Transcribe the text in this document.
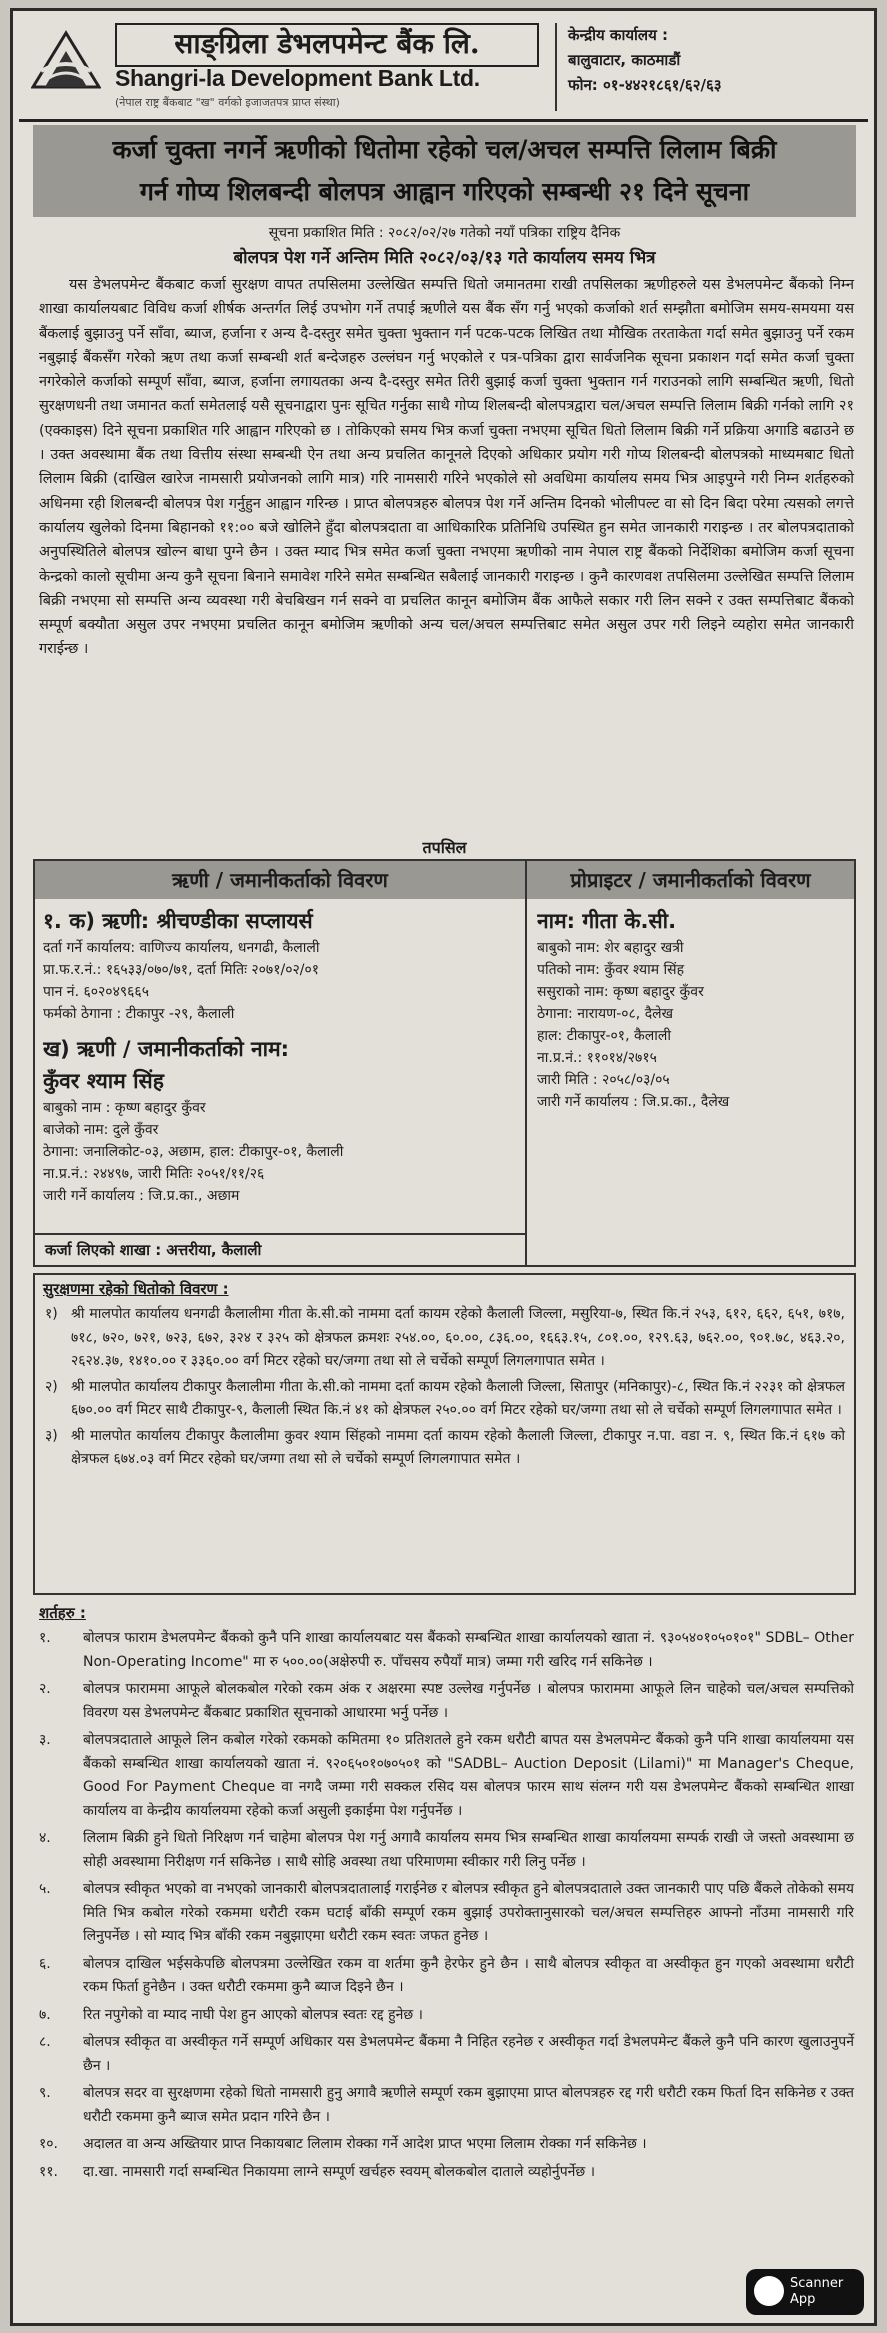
साङ्ग्रिला डेभलपमेन्ट बैंक लि.
Shangri-la Development Bank Ltd.
(नेपाल राष्ट्र बैंकबाट "ख" वर्गको इजाजतपत्र प्राप्त संस्था)
केन्द्रीय कार्यालय :
बालुवाटार, काठमाडौं
फोन: ०१-४४२१८६१/६२/६३
कर्जा चुक्ता नगर्ने ऋणीको धितोमा रहेको चल/अचल सम्पत्ति लिलाम बिक्री
गर्न गोप्य शिलबन्दी बोलपत्र आह्वान गरिएको सम्बन्धी २१ दिने सूचना
सूचना प्रकाशित मिति : २०८२/०२/२७ गतेको नयाँ पत्रिका राष्ट्रिय दैनिक
बोलपत्र पेश गर्ने अन्तिम मिति २०८२/०३/१३ गते कार्यालय समय भित्र
यस डेभलपमेन्ट बैंकबाट कर्जा सुरक्षण वापत तपसिलमा उल्लेखित सम्पत्ति धितो जमानतमा राखी तपसिलका ऋणीहरुले यस डेभलपमेन्ट बैंकको निम्न शाखा कार्यालयबाट विविध कर्जा शीर्षक अन्तर्गत लिई उपभोग गर्ने तपाई ऋणीले यस बैंक सँग गर्नु भएको कर्जाको शर्त सम्झौता बमोजिम समय-समयमा यस बैंकलाई बुझाउनु पर्ने साँवा, ब्याज, हर्जाना र अन्य दै-दस्तुर समेत चुक्ता भुक्तान गर्न पटक-पटक लिखित तथा मौखिक तरताकेता गर्दा समेत बुझाउनु पर्ने रकम नबुझाई बैंकसँग गरेको ऋण तथा कर्जा सम्बन्धी शर्त बन्देजहरु उल्लंघन गर्नु भएकोले र पत्र-पत्रिका द्वारा सार्वजनिक सूचना प्रकाशन गर्दा समेत कर्जा चुक्ता नगरेकोले कर्जाको सम्पूर्ण साँवा, ब्याज, हर्जाना लगायतका अन्य दै-दस्तुर समेत तिरी बुझाई कर्जा चुक्ता भुक्तान गर्न गराउनको लागि सम्बन्धित ऋणी, धितो सुरक्षणधनी तथा जमानत कर्ता समेतलाई यसै सूचनाद्वारा पुनः सूचित गर्नुका साथै गोप्य शिलबन्दी बोलपत्रद्वारा चल/अचल सम्पत्ति लिलाम बिक्री गर्नको लागि २१ (एक्काइस) दिने सूचना प्रकाशित गरि आह्वान गरिएको छ । तोकिएको समय भित्र कर्जा चुक्ता नभएमा सूचित धितो लिलाम बिक्री गर्ने प्रक्रिया अगाडि बढाउने छ । उक्त अवस्थामा बैंक तथा वित्तीय संस्था सम्बन्धी ऐन तथा अन्य प्रचलित कानूनले दिएको अधिकार प्रयोग गरी गोप्य शिलबन्दी बोलपत्रको माध्यमबाट धितो लिलाम बिक्री (दाखिल खारेज नामसारी प्रयोजनको लागि मात्र) गरि नामसारी गरिने भएकोले सो अवधिमा कार्यालय समय भित्र आइपुग्ने गरी निम्न शर्तहरुको अधिनमा रही शिलबन्दी बोलपत्र पेश गर्नुहुन आह्वान गरिन्छ । प्राप्त बोलपत्रहरु बोलपत्र पेश गर्ने अन्तिम दिनको भोलीपल्ट वा सो दिन बिदा परेमा त्यसको लगत्ते कार्यालय खुलेको दिनमा बिहानको ११:०० बजे खोलिने हुँदा बोलपत्रदाता वा आधिकारिक प्रतिनिधि उपस्थित हुन समेत जानकारी गराइन्छ । तर बोलपत्रदाताको अनुपस्थितिले बोलपत्र खोल्न बाधा पुग्ने छैन । उक्त म्याद भित्र समेत कर्जा चुक्ता नभएमा ऋणीको नाम नेपाल राष्ट्र बैंकको निर्देशिका बमोजिम कर्जा सूचना केन्द्रको कालो सूचीमा अन्य कुनै सूचना बिनाने समावेश गरिने समेत सम्बन्धित सबैलाई जानकारी गराइन्छ । कुनै कारणवश तपसिलमा उल्लेखित सम्पत्ति लिलाम बिक्री नभएमा सो सम्पत्ति अन्य व्यवस्था गरी बेचबिखन गर्न सक्ने वा प्रचलित कानून बमोजिम बैंक आफैले सकार गरी लिन सक्ने र उक्त सम्पत्तिबाट बैंकको सम्पूर्ण बक्यौता असुल उपर नभएमा प्रचलित कानून बमोजिम ऋणीको अन्य चल/अचल सम्पत्तिबाट समेत असुल उपर गरी लिइने व्यहोरा समेत जानकारी गराईन्छ ।
तपसिल
ऋणी / जमानीकर्ताको विवरण	प्रोप्राइटर / जमानीकर्ताको विवरण
१. क) ऋणी: श्रीचण्डीका सप्लायर्स
दर्ता गर्ने कार्यालय: वाणिज्य कार्यालय, धनगढी, कैलाली
प्रा.फ.र.नं.: १६५३३/०७०/७१, दर्ता मितिः २०७१/०२/०१
पान नं. ६०२०४९६६५
फर्मको ठेगाना : टीकापुर -२९, कैलाली
ख) ऋणी / जमानीकर्ताको नाम:
कुँवर श्याम सिंह
बाबुको नाम : कृष्ण बहादुर कुँवर
बाजेको नाम: दुले कुँवर
ठेगाना: जनालिकोट-०३, अछाम, हाल: टीकापुर-०१, कैलाली
ना.प्र.नं.: २४४९७, जारी मितिः २०५१/११/२६
जारी गर्ने कार्यालय : जि.प्र.का., अछाम
कर्जा लिएको शाखा : अत्तरीया, कैलाली
नाम: गीता के.सी.
बाबुको नाम: शेर बहादुर खत्री
पतिको नाम: कुँवर श्याम सिंह
ससुराको नाम: कृष्ण बहादुर कुँवर
ठेगाना: नारायण-०८, दैलेख
हाल: टीकापुर-०१, कैलाली
ना.प्र.नं.: ११०१४/२७१५
जारी मिति : २०५८/०३/०५
जारी गर्ने कार्यालय : जि.प्र.का., दैलेख
सुरक्षणमा रहेको धितोको विवरण :
१) श्री मालपोत कार्यालय धनगढी कैलालीमा गीता के.सी.को नाममा दर्ता कायम रहेको कैलाली जिल्ला, मसुरिया-७, स्थित कि.नं २५३, ६१२, ६६२, ६५१, ७१७, ७१८, ७२०, ७२१, ७२३, ६७२, ३२४ र ३२५ को क्षेत्रफल क्रमशः २५४.००, ६०.००, ८३६.००, १६६३.१५, ८०१.००, १२९.६३, ७६२.००, ९०१.७८, ४६३.२०, २६२४.३७, १४१०.०० र ३३६०.०० वर्ग मिटर रहेको घर/जग्गा तथा सो ले चर्चेको सम्पूर्ण लिगलगापात समेत ।
२) श्री मालपोत कार्यालय टीकापुर कैलालीमा गीता के.सी.को नाममा दर्ता कायम रहेको कैलाली जिल्ला, सितापुर (मनिकापुर)-८, स्थित कि.नं २२३१ को क्षेत्रफल ६७०.०० वर्ग मिटर साथै टीकापुर-९, कैलाली स्थित कि.नं ४१ को क्षेत्रफल २५०.०० वर्ग मिटर रहेको घर/जग्गा तथा सो ले चर्चेको सम्पूर्ण लिगलगापात समेत ।
३) श्री मालपोत कार्यालय टीकापुर कैलालीमा कुवर श्याम सिंहको नाममा दर्ता कायम रहेको कैलाली जिल्ला, टीकापुर न.पा. वडा न. ९, स्थित कि.नं ६१७ को क्षेत्रफल ६७४.०३ वर्ग मिटर रहेको घर/जग्गा तथा सो ले चर्चेको सम्पूर्ण लिगलगापात समेत ।
शर्तहरु :
१.	बोलपत्र फाराम डेभलपमेन्ट बैंकको कुनै पनि शाखा कार्यालयबाट यस बैंकको सम्बन्धित शाखा कार्यालयको खाता नं. ९३०५४०१०५०१०१" SDBL– Other Non-Operating Income" मा रु ५००.००(अक्षेरुपी रु. पाँचसय रुपैयाँ मात्र) जम्मा गरी खरिद गर्न सकिनेछ ।
२.	बोलपत्र फाराममा आफूले बोलकबोल गरेको रकम अंक र अक्षरमा स्पष्ट उल्लेख गर्नुपर्नेछ । बोलपत्र फाराममा आफूले लिन चाहेको चल/अचल सम्पत्तिको विवरण यस डेभलपमेन्ट बैंकबाट प्रकाशित सूचनाको आधारमा भर्नु पर्नेछ ।
३.	बोलपत्रदाताले आफूले लिन कबोल गरेको रकमको कमितमा १० प्रतिशतले हुने रकम धरौटी बापत यस डेभलपमेन्ट बैंकको कुनै पनि शाखा कार्यालयमा यस बैंकको सम्बन्धित शाखा कार्यालयको खाता नं. ९२०६५०१०७०५०१ को "SADBL– Auction Deposit (Lilami)" मा Manager's Cheque, Good For Payment Cheque वा नगदै जम्मा गरी सक्कल रसिद यस बोलपत्र फारम साथ संलग्न गरी यस डेभलपमेन्ट बैंकको सम्बन्धित शाखा कार्यालय वा केन्द्रीय कार्यालयमा रहेको कर्जा असुली इकाईमा पेश गर्नुपर्नेछ ।
४.	लिलाम बिक्री हुने धितो निरिक्षण गर्न चाहेमा बोलपत्र पेश गर्नु अगावै कार्यालय समय भित्र सम्बन्धित शाखा कार्यालयमा सम्पर्क राखी जे जस्तो अवस्थामा छ सोही अवस्थामा निरीक्षण गर्न सकिनेछ । साथै सोहि अवस्था तथा परिमाणमा स्वीकार गरी लिनु पर्नेछ ।
५.	बोलपत्र स्वीकृत भएको वा नभएको जानकारी बोलपत्रदातालाई गराईनेछ र बोलपत्र स्वीकृत हुने बोलपत्रदाताले उक्त जानकारी पाए पछि बैंकले तोकेको समय मिति भित्र कबोल गरेको रकममा धरौटी रकम घटाई बाँकी सम्पूर्ण रकम बुझाई उपरोक्तानुसारको चल/अचल सम्पत्तिहरु आफ्नो नाँउमा नामसारी गरि लिनुपर्नेछ । सो म्याद भित्र बाँकी रकम नबुझाएमा धरौटी रकम स्वतः जफत हुनेछ ।
६.	बोलपत्र दाखिल भईसकेपछि बोलपत्रमा उल्लेखित रकम वा शर्तमा कुनै हेरफेर हुने छैन । साथै बोलपत्र स्वीकृत वा अस्वीकृत हुन गएको अवस्थामा धरौटी रकम फिर्ता हुनेछैन । उक्त धरौटी रकममा कुनै ब्याज दिइने छैन ।
७.	रित नपुगेको वा म्याद नाघी पेश हुन आएको बोलपत्र स्वतः रद्द हुनेछ ।
८.	बोलपत्र स्वीकृत वा अस्वीकृत गर्ने सम्पूर्ण अधिकार यस डेभलपमेन्ट बैंकमा नै निहित रहनेछ र अस्वीकृत गर्दा डेभलपमेन्ट बैंकले कुनै पनि कारण खुलाउनुपर्ने छैन ।
९.	बोलपत्र सदर वा सुरक्षणमा रहेको धितो नामसारी हुनु अगावै ऋणीले सम्पूर्ण रकम बुझाएमा प्राप्त बोलपत्रहरु रद्द गरी धरौटी रकम फिर्ता दिन सकिनेछ र उक्त धरौटी रकममा कुनै ब्याज समेत प्रदान गरिने छैन ।
१०.	अदालत वा अन्य अख्तियार प्राप्त निकायबाट लिलाम रोक्का गर्ने आदेश प्राप्त भएमा लिलाम रोक्का गर्न सकिनेछ ।
११.	दा.खा. नामसारी गर्दा सम्बन्धित निकायमा लाग्ने सम्पूर्ण खर्चहरु स्वयम् बोलकबोल दाताले व्यहोर्नुपर्नेछ ।
Scanner
App
